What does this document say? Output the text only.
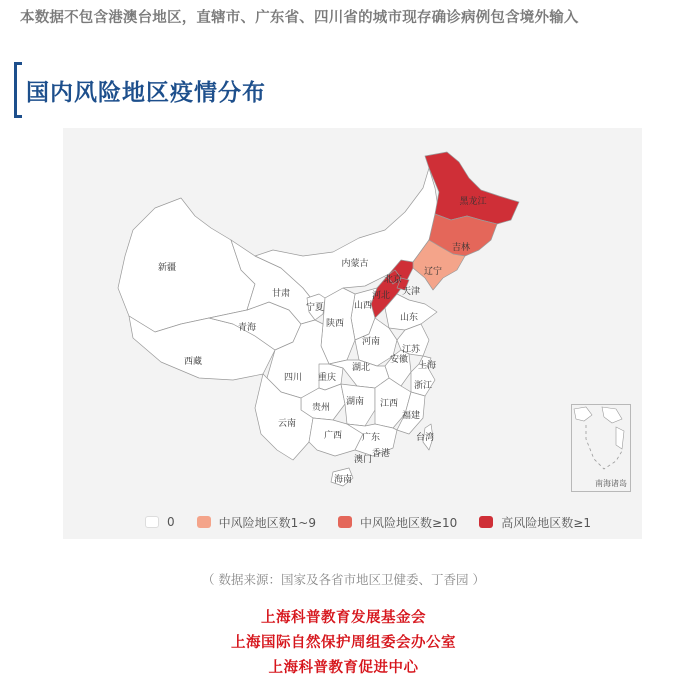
本数据不包含港澳台地区，直辖市、广东省、四川省的城市现存确诊病例包含境外输入
国内风险地区疫情分布
新疆
西藏
青海
甘肃
宁夏
内蒙古
黑龙江
吉林
辽宁
北京
天津
河北
山西
陕西
山东
河南
江苏
安徽
上海
四川 重庆
湖北
浙江
贵州
湖南 江西
福建
云南
广西 广东	台湾
澳门
香港
海南	南海诸岛
0	中风险地区数1~9	中风险地区数≥10	高风险地区数≥1
（ 数据来源：国家及各省市地区卫健委、丁香园 ）
上海科普教育发展基金会
上海国际自然保护周组委会办公室
上海科普教育促进中心
